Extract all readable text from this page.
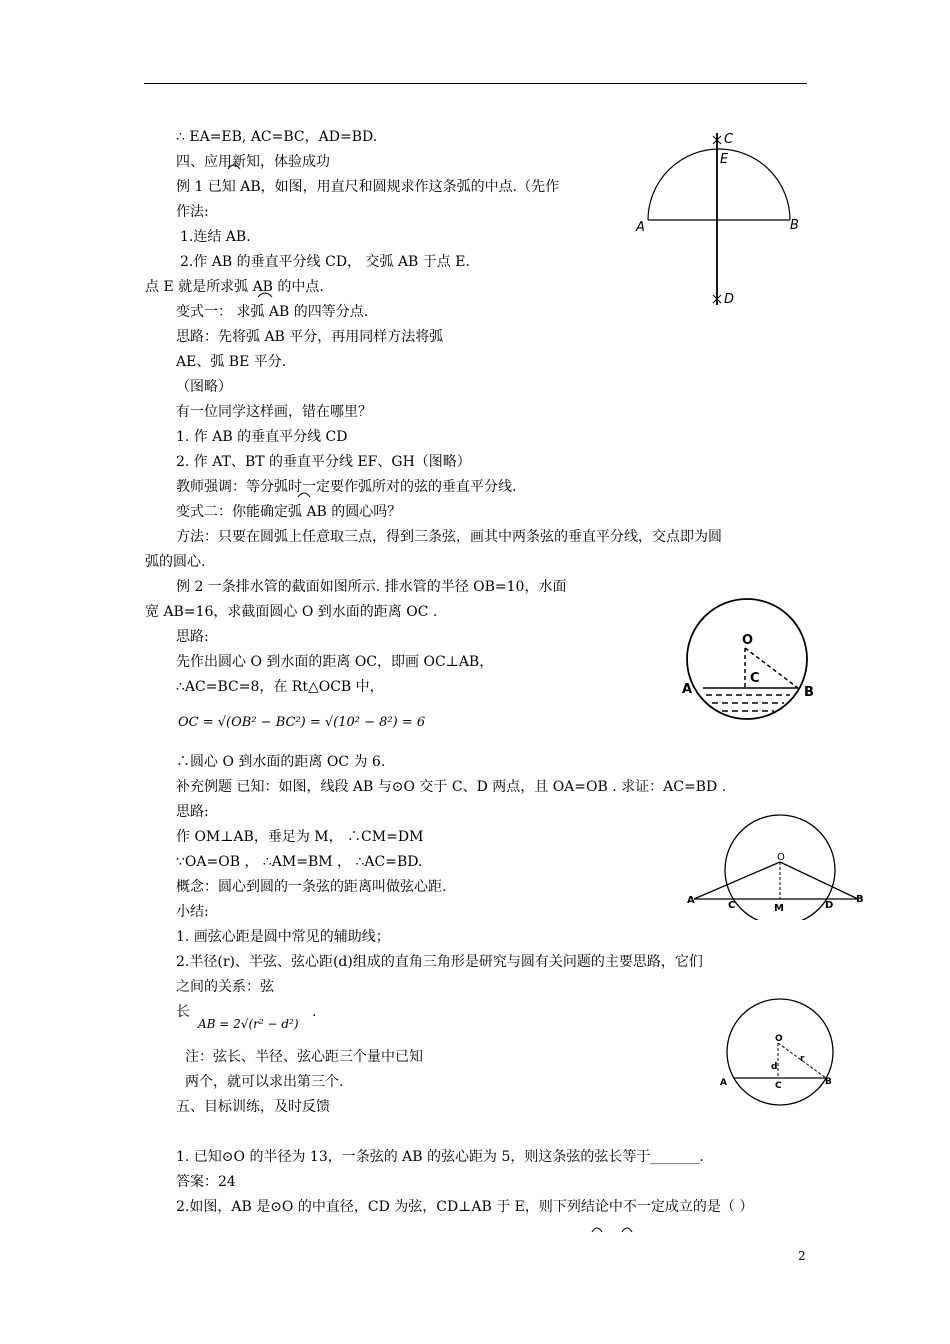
∴ EA=EB, AC=BC，AD=BD.
四、应用新知，体验成功
例 1 已知 AB，如图，用直尺和圆规求作这条弧的中点.（先作
作法:
1.连结 AB.
2.作 AB 的垂直平分线 CD， 交弧 AB 于点 E.
点 E 就是所求弧 AB 的中点.
变式一： 求弧 AB 的四等分点.
思路：先将弧 AB 平分，再用同样方法将弧
AE、弧 BE 平分.
（图略）
有一位同学这样画，错在哪里？
1. 作 AB 的垂直平分线 CD
2. 作 AT、BT 的垂直平分线 EF、GH（图略）
教师强调：等分弧时一定要作弧所对的弦的垂直平分线.
变式二：你能确定弧 AB 的圆心吗？
方法：只要在圆弧上任意取三点，得到三条弦，画其中两条弦的垂直平分线，交点即为圆
弧的圆心.
例 2 一条排水管的截面如图所示. 排水管的半径 OB=10，水面
宽 AB=16，求截面圆心 O 到水面的距离 OC .
思路:
先作出圆心 O 到水面的距离 OC，即画 OC⊥AB，
∴AC=BC=8，在 Rt△OCB 中，
OC = √(OB² − BC²) = √(10² − 8²) = 6
∴圆心 O 到水面的距离 OC 为 6.
补充例题 已知：如图，线段 AB 与⊙O 交于 C、D 两点，且 OA=OB . 求证：AC=BD .
思路:
作 OM⊥AB，垂足为 M， ∴CM=DM
∵OA=OB ， ∴AM=BM ， ∴AC=BD.
概念：圆心到圆的一条弦的距离叫做弦心距.
小结:
1. 画弦心距是圆中常见的辅助线；
2.半径(r)、半弦、弦心距(d)组成的直角三角形是研究与圆有关问题的主要思路，它们
之间的关系：弦
长
AB = 2√(r² − d²)
.
注：弦长、半径、弦心距三个量中已知
两个，就可以求出第三个.
五、目标训练，及时反馈
1. 已知⊙O 的半径为 13，一条弦的 AB 的弦心距为 5，则这条弦的弦长等于_______.
答案：24
2.如图，AB 是⊙O 的中直径，CD 为弦，CD⊥AB 于 E，则下列结论中不一定成立的是（ ）
C
E
A	B
D
O
C
A	B
O
A	C	M	D
B
O
d
r
A	C	B
2
